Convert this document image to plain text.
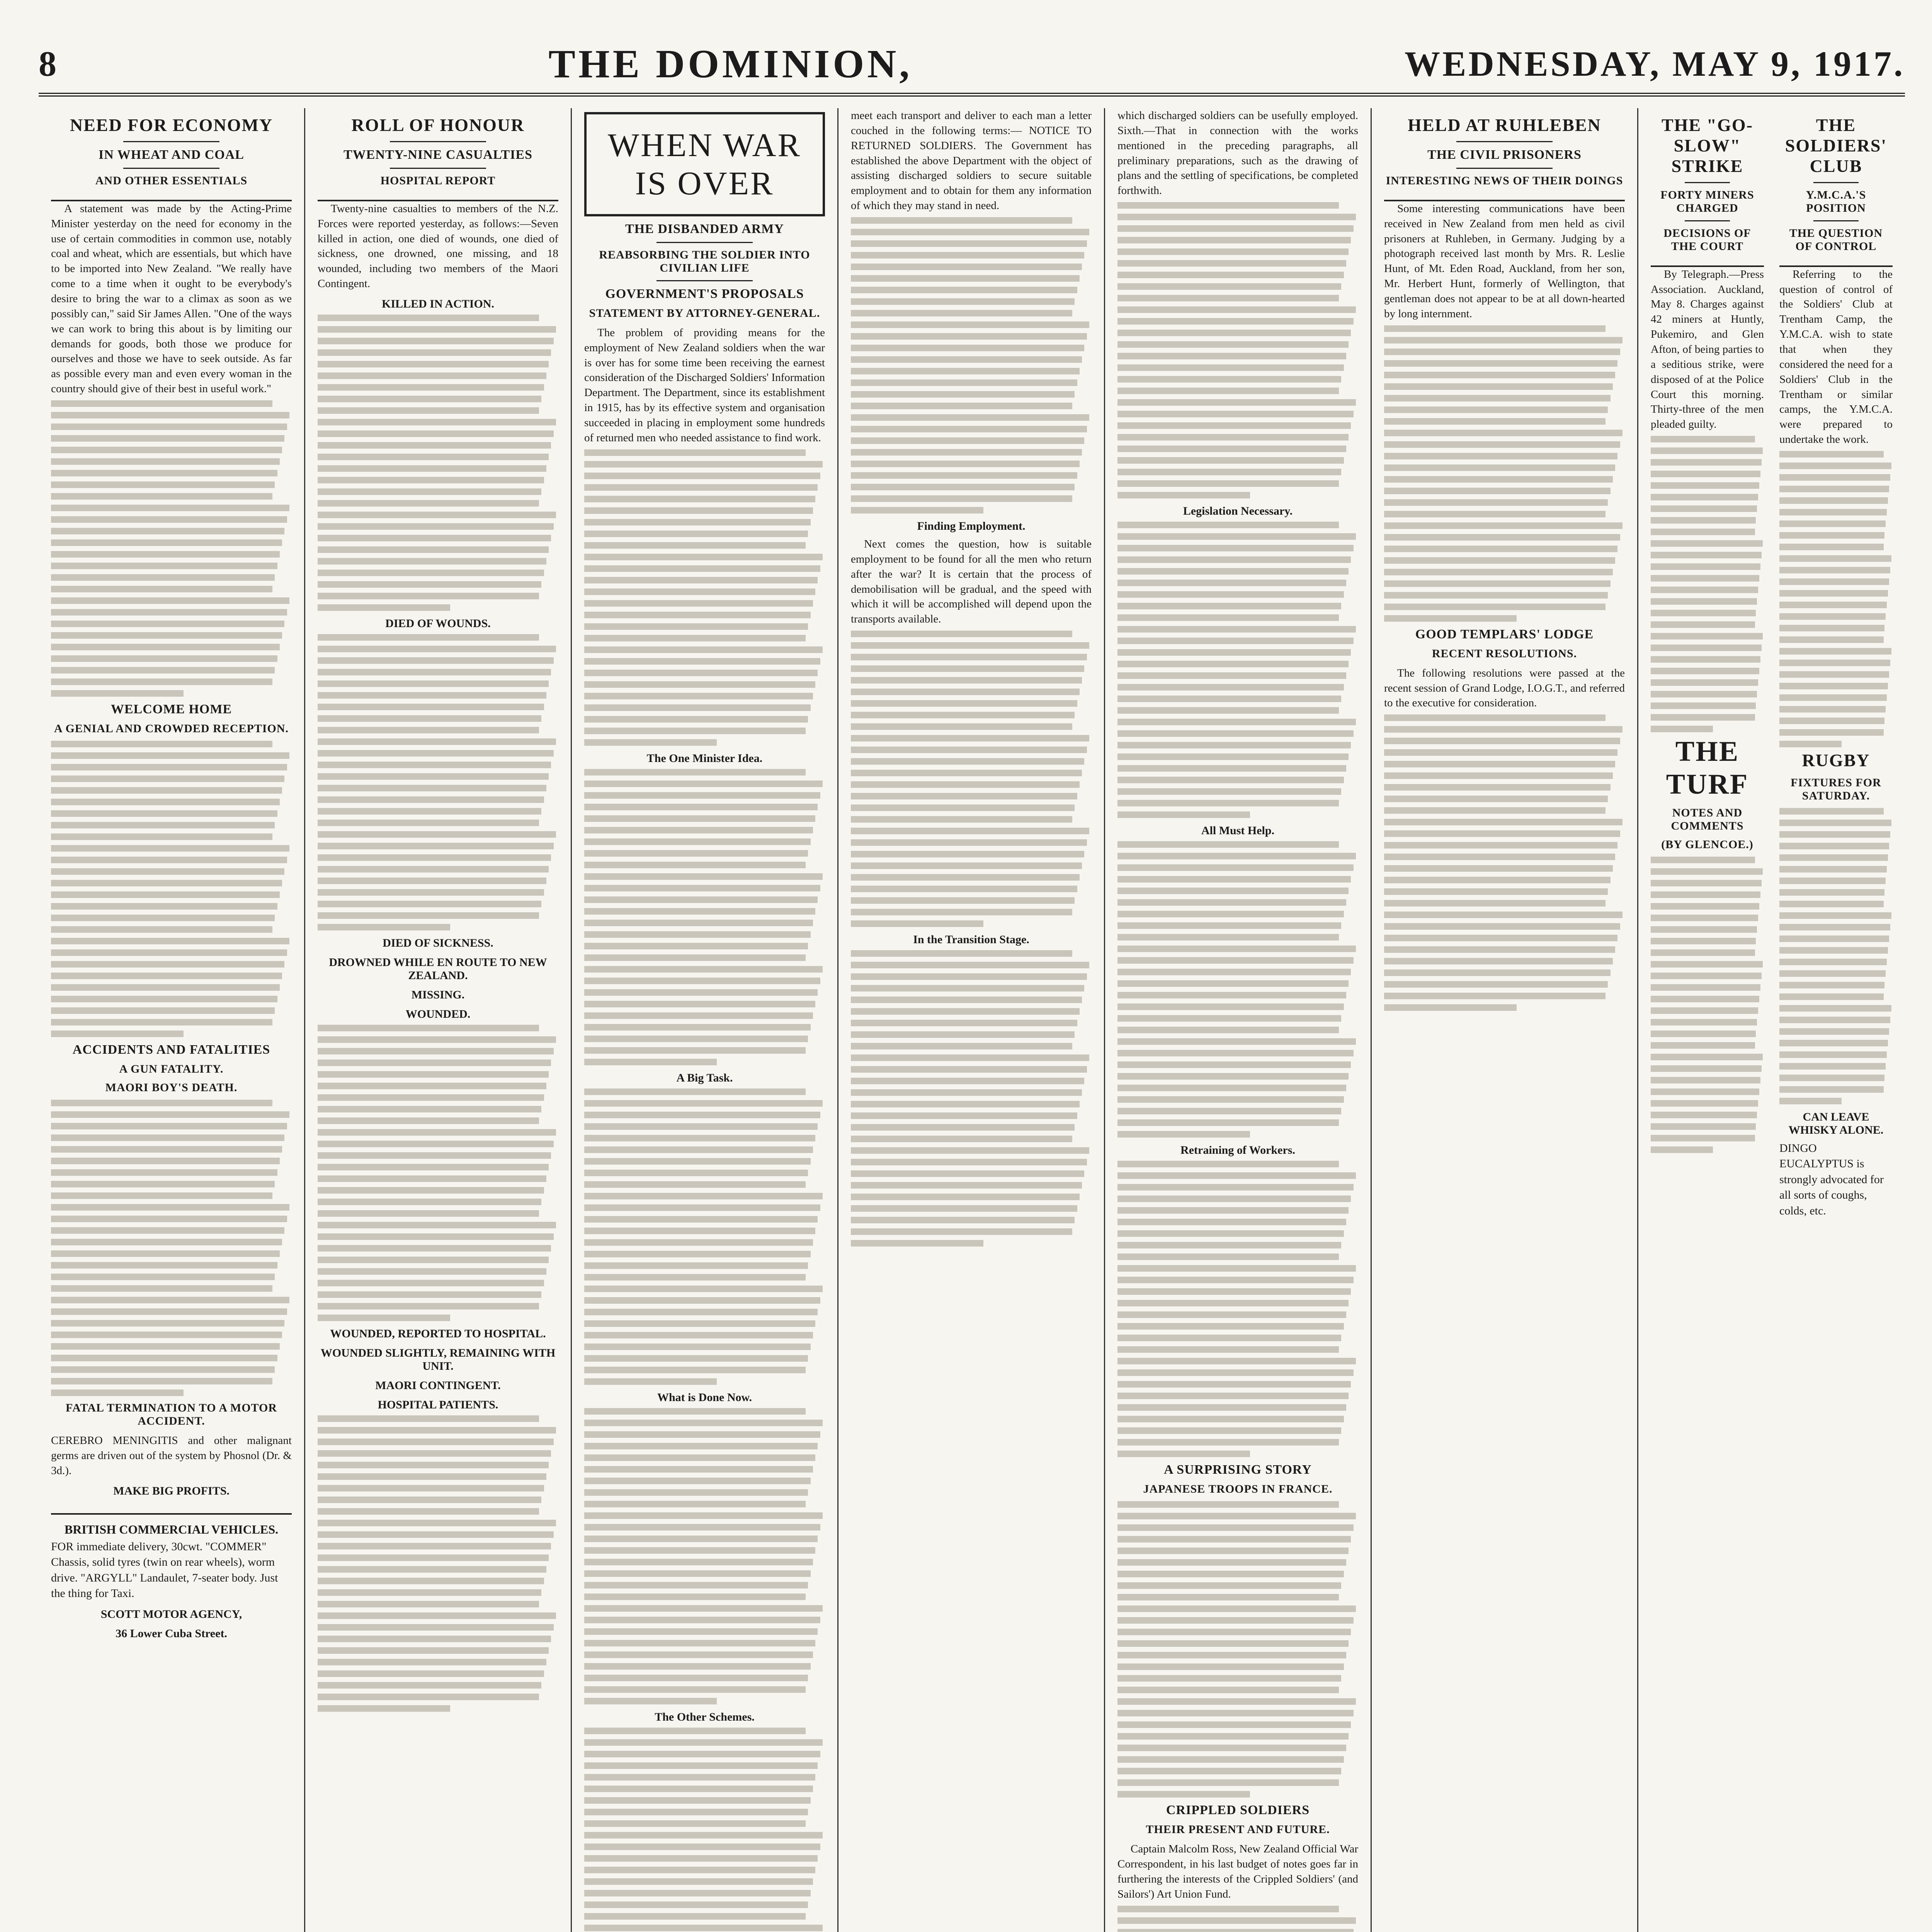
8	THE DOMINION,	WEDNESDAY, MAY 9, 1917.
NEED FOR ECONOMY
IN WHEAT AND COAL
AND OTHER ESSENTIALS

A statement was made by the Acting-Prime Minister yesterday on the need for economy in the use of certain commodities in common use, notably coal and wheat, which are essentials, but which have to be imported into New Zealand. "We really have come to a time when it ought to be everybody's desire to bring the war to a climax as soon as we possibly can," said Sir James Allen. "One of the ways we can work to bring this about is by limiting our demands for goods, both those we produce for ourselves and those we have to seek outside. As far as possible every man and even every woman in the country should give of their best in useful work."

WELCOME HOME
A GENIAL AND CROWDED RECEPTION.

ACCIDENTS AND FATALITIES
A GUN FATALITY.
MAORI BOY'S DEATH.

FATAL TERMINATION TO A MOTOR ACCIDENT.

CEREBRO MENINGITIS and other malignant germs are driven out of the system by Phosnol (Dr. & 3d.).

MAKE BIG PROFITS.
BRITISH COMMERCIAL VEHICLES.

FOR immediate delivery, 30cwt. "COMMER" Chassis, solid tyres (twin on rear wheels), worm drive. "ARGYLL" Landaulet, 7-seater body. Just the thing for Taxi.

SCOTT MOTOR AGENCY,
36 Lower Cuba Street.
ROLL OF HONOUR
TWENTY-NINE CASUALTIES
HOSPITAL REPORT

Twenty-nine casualties to members of the N.Z. Forces were reported yesterday, as follows:—Seven killed in action, one died of wounds, one died of sickness, one drowned, one missing, and 18 wounded, including two members of the Maori Contingent.

KILLED IN ACTION.

DIED OF WOUNDS.

DIED OF SICKNESS.
DROWNED WHILE EN ROUTE TO NEW ZEALAND.
MISSING.
WOUNDED.

WOUNDED, REPORTED TO HOSPITAL.
WOUNDED SLIGHTLY, REMAINING WITH UNIT.
MAORI CONTINGENT.
HOSPITAL PATIENTS.

WHEN WAR IS OVER
THE DISBANDED ARMY
REABSORBING THE SOLDIER INTO CIVILIAN LIFE
GOVERNMENT'S PROPOSALS
STATEMENT BY ATTORNEY-GENERAL.

The problem of providing means for the employment of New Zealand soldiers when the war is over has for some time been receiving the earnest consideration of the Discharged Soldiers' Information Department. The Department, since its establishment in 1915, has by its effective system and organisation succeeded in placing in employment some hundreds of returned men who needed assistance to find work.

The One Minister Idea.

A Big Task.

What is Done Now.

The Other Schemes.

meet each transport and deliver to each man a letter couched in the following terms:— NOTICE TO RETURNED SOLDIERS. The Government has established the above Department with the object of assisting discharged soldiers to secure suitable employment and to obtain for them any information of which they may stand in need.

Finding Employment.

Next comes the question, how is suitable employment to be found for all the men who return after the war? It is certain that the process of demobilisation will be gradual, and the speed with which it will be accomplished will depend upon the transports available.

In the Transition Stage.

which discharged soldiers can be usefully employed. Sixth.—That in connection with the works mentioned in the preceding paragraphs, all preliminary preparations, such as the drawing of plans and the settling of specifications, be completed forthwith.

Legislation Necessary.

All Must Help.

Retraining of Workers.

A SURPRISING STORY
JAPANESE TROOPS IN FRANCE.

CRIPPLED SOLDIERS
THEIR PRESENT AND FUTURE.

Captain Malcolm Ross, New Zealand Official War Correspondent, in his last budget of notes goes far in furthering the interests of the Crippled Soldiers' (and Sailors') Art Union Fund.

HELD AT RUHLEBEN
THE CIVIL PRISONERS
INTERESTING NEWS OF THEIR DOINGS

Some interesting communications have been received in New Zealand from men held as civil prisoners at Ruhleben, in Germany. Judging by a photograph received last month by Mrs. R. Leslie Hunt, of Mt. Eden Road, Auckland, from her son, Mr. Herbert Hunt, formerly of Wellington, that gentleman does not appear to be at all down-hearted by long internment.

GOOD TEMPLARS' LODGE
RECENT RESOLUTIONS.

The following resolutions were passed at the recent session of Grand Lodge, I.O.G.T., and referred to the executive for consideration.

THE "GO-SLOW" STRIKE
FORTY MINERS CHARGED
DECISIONS OF THE COURT

By Telegraph.—Press Association. Auckland, May 8. Charges against 42 miners at Huntly, Pukemiro, and Glen Afton, of being parties to a seditious strike, were disposed of at the Police Court this morning. Thirty-three of the men pleaded guilty.

THE TURF
NOTES AND COMMENTS
(BY GLENCOE.)

THE SOLDIERS' CLUB
Y.M.C.A.'S POSITION
THE QUESTION OF CONTROL

Referring to the question of control of the Soldiers' Club at Trentham Camp, the Y.M.C.A. wish to state that when they considered the need for a Soldiers' Club in the Trentham or similar camps, the Y.M.C.A. were prepared to undertake the work.

RUGBY
FIXTURES FOR SATURDAY.

CAN LEAVE WHISKY ALONE.

DINGO EUCALYPTUS is strongly advocated for all sorts of coughs, colds, etc.
